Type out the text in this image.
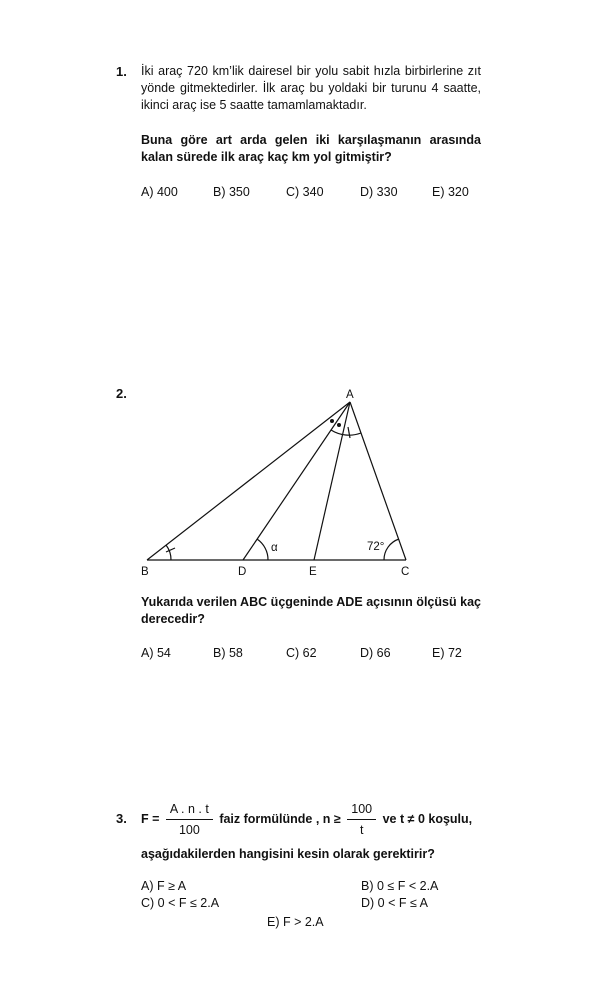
1. İki araç 720 km’lik dairesel bir yolu sabit hızla birbirlerine zıt yönde gitmektedirler. İlk araç bu yoldaki bir turunu 4 saatte, ikinci araç ise 5 saatte tamamlamaktadır.
Buna göre art arda gelen iki karşılaşmanın arasında kalan sürede ilk araç kaç km yol gitmiştir?
A) 400	B) 350	C) 340	D) 330	E) 320
2.	A
B	D	E	C
α	72°
Yukarıda verilen ABC üçgeninde ADE açısının ölçüsü kaç derecedir?
A) 54	B) 58	C) 62	D) 66	E) 72
3. $F = \frac{A . n . t}{100}$ faiz formülünde , $n \ge \frac{100}{t}$ ve t ≠ 0 koşulu,
aşağıdakilerden hangisini kesin olarak gerektirir?
A) F ≥ A	B) 0 ≤ F < 2.A
C) 0 < F ≤ 2.A	D) 0 < F ≤ A
E) F > 2.A
